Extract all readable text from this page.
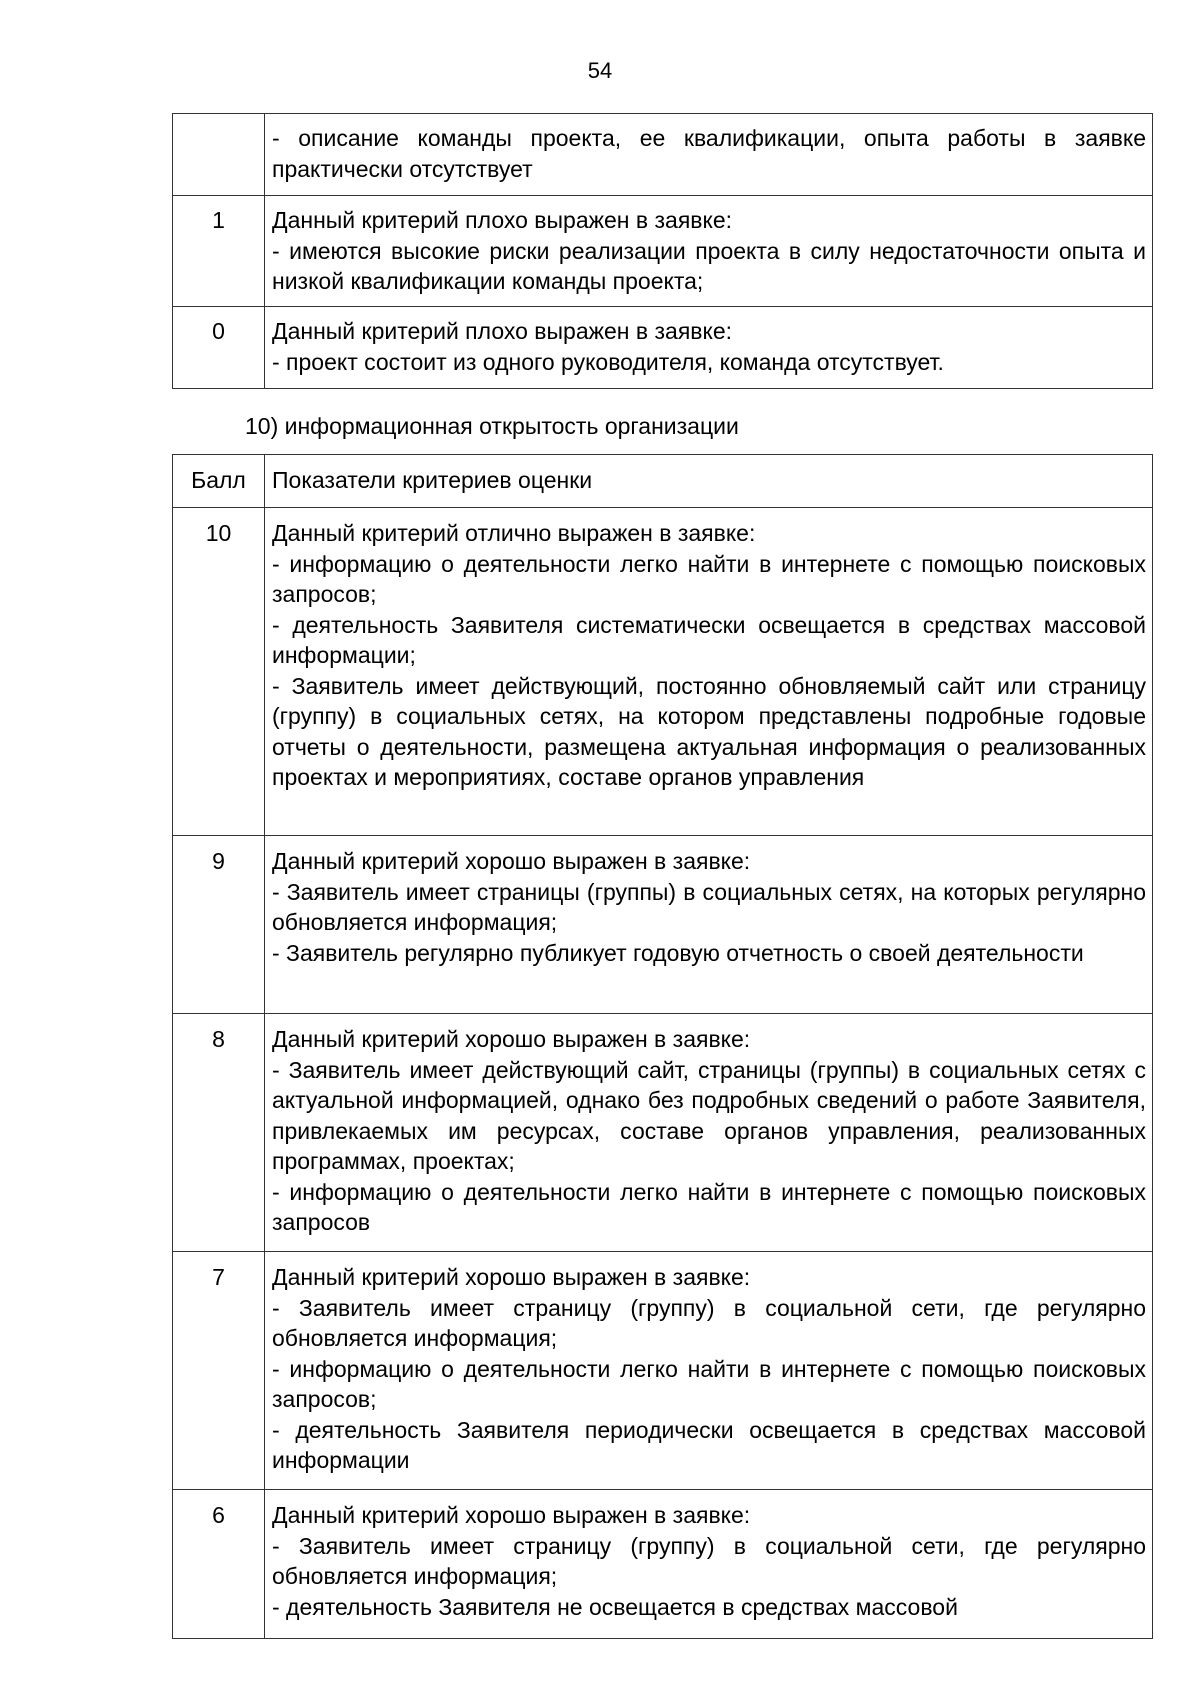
54

	- описание команды проекта, ее квалификации, опыта работы в заявке практически отсутствует

1	Данный критерий плохо выражен в заявке:
- имеются высокие риски реализации проекта в силу недостаточности опыта и низкой квалификации команды проекта;

0	Данный критерий плохо выражен в заявке:
- проект состоит из одного руководителя, команда отсутствует.
10) информационная открытость организации
Балл	Показатели критериев оценки
10	Данный критерий отлично выражен в заявке:
- информацию о деятельности легко найти в интернете с помощью поисковых запросов;
- деятельность Заявителя систематически освещается в средствах массовой информации;
- Заявитель имеет действующий, постоянно обновляемый сайт или страницу (группу) в социальных сетях, на котором представлены подробные годовые отчеты о деятельности, размещена актуальная информация о реализованных проектах и мероприятиях, составе органов управления

9	Данный критерий хорошо выражен в заявке:
- Заявитель имеет страницы (группы) в социальных сетях, на которых регулярно обновляется информация;
- Заявитель регулярно публикует годовую отчетность о своей деятельности

8	Данный критерий хорошо выражен в заявке:
- Заявитель имеет действующий сайт, страницы (группы) в социальных сетях с актуальной информацией, однако без подробных сведений о работе Заявителя, привлекаемых им ресурсах, составе органов управления, реализованных программах, проектах;
- информацию о деятельности легко найти в интернете с помощью поисковых запросов

7	Данный критерий хорошо выражен в заявке:
- Заявитель имеет страницу (группу) в социальной сети, где регулярно обновляется информация;
- информацию о деятельности легко найти в интернете с помощью поисковых запросов;
- деятельность Заявителя периодически освещается в средствах массовой информации

6	Данный критерий хорошо выражен в заявке:
- Заявитель имеет страницу (группу) в социальной сети, где регулярно обновляется информация;
- деятельность Заявителя не освещается в средствах массовой
